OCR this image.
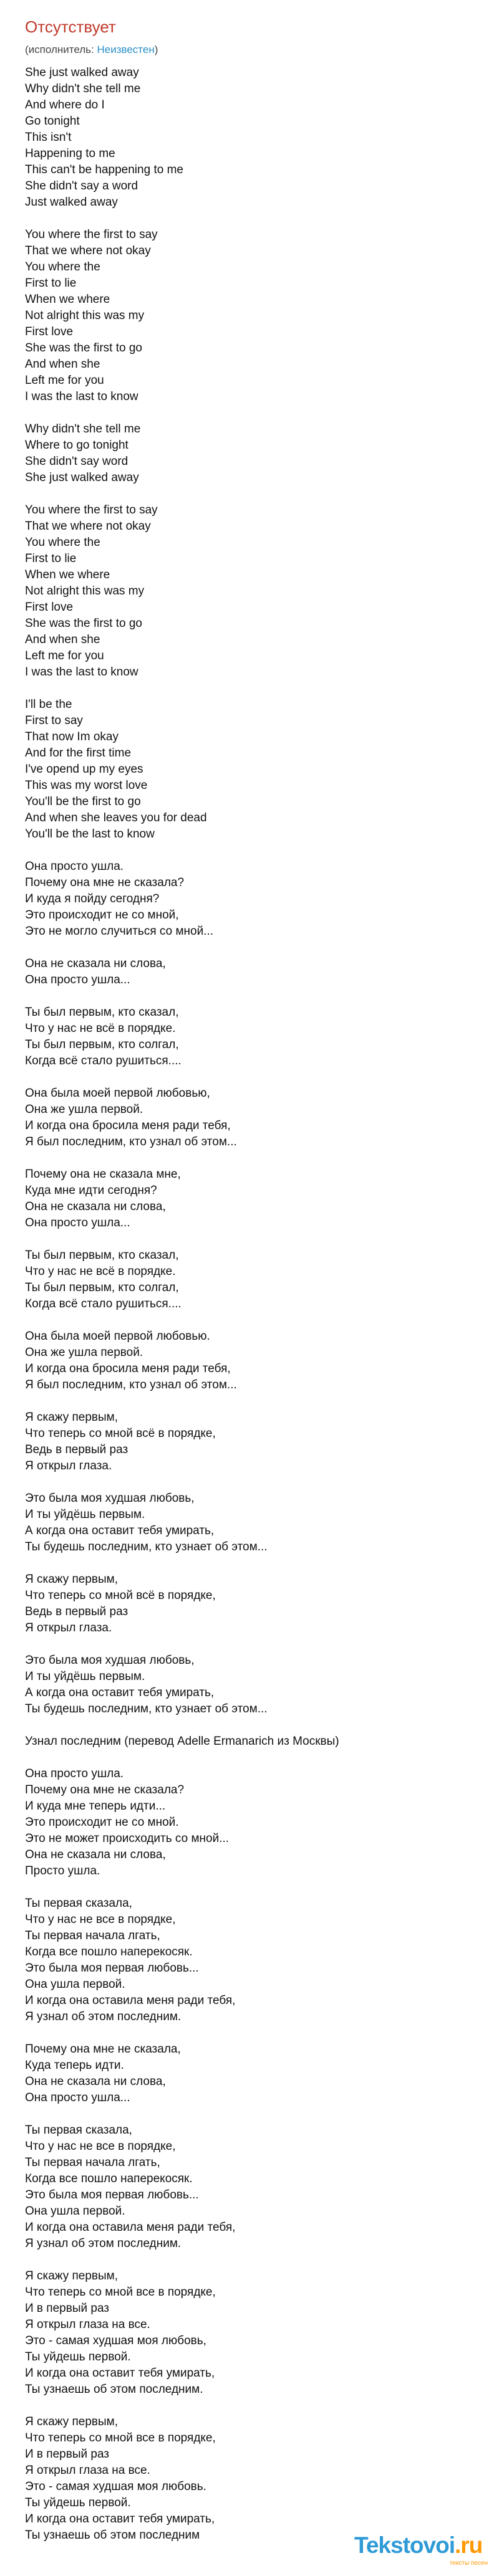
Отсутствует
(исполнитель: Неизвестен)
She just walked away
Why didn't she tell me
And where do I
Go tonight
This isn't
Happening to me
This can't be happening to me
She didn't say a word
Just walked away
You where the first to say
That we where not okay
You where the
First to lie
When we where
Not alright this was my
First love
She was the first to go
And when she
Left me for you
I was the last to know
Why didn't she tell me
Where to go tonight
She didn't say word
She just walked away
You where the first to say
That we where not okay
You where the
First to lie
When we where
Not alright this was my
First love
She was the first to go
And when she
Left me for you
I was the last to know
I'll be the
First to say
That now Im okay
And for the first time
I've opend up my eyes
This was my worst love
You'll be the first to go
And when she leaves you for dead
You'll be the last to know
Она просто ушла.
Почему она мне не сказала?
И куда я пойду сегодня?
Это происходит не со мной,
Это не могло случиться со мной...
Она не сказала ни слова,
Она просто ушла...
Ты был первым, кто сказал,
Что у нас не всё в порядке.
Ты был первым, кто солгал,
Когда всё стало рушиться....
Она была моей первой любовью,
Она же ушла первой.
И когда она бросила меня ради тебя,
Я был последним, кто узнал об этом...
Почему она не сказала мне,
Куда мне идти сегодня?
Она не сказала ни слова,
Она просто ушла...
Ты был первым, кто сказал,
Что у нас не всё в порядке.
Ты был первым, кто солгал,
Когда всё стало рушиться....
Она была моей первой любовью.
Она же ушла первой.
И когда она бросила меня ради тебя,
Я был последним, кто узнал об этом...
Я скажу первым,
Что теперь со мной всё в порядке,
Ведь в первый раз
Я открыл глаза.
Это была моя худшая любовь,
И ты уйдёшь первым.
А когда она оставит тебя умирать,
Ты будешь последним, кто узнает об этом...
Я скажу первым,
Что теперь со мной всё в порядке,
Ведь в первый раз
Я открыл глаза.
Это была моя худшая любовь,
И ты уйдёшь первым.
А когда она оставит тебя умирать,
Ты будешь последним, кто узнает об этом...
Узнал последним (перевод Adelle Ermanarich из Москвы)
Она просто ушла.
Почему она мне не сказала?
И куда мне теперь идти...
Это происходит не со мной.
Это не может происходить со мной...
Она не сказала ни слова,
Просто ушла.
Ты первая сказала,
Что у нас не все в порядке,
Ты первая начала лгать,
Когда все пошло наперекосяк.
Это была моя первая любовь...
Она ушла первой.
И когда она оставила меня ради тебя,
Я узнал об этом последним.
Почему она мне не сказала,
Куда теперь идти.
Она не сказала ни слова,
Она просто ушла...
Ты первая сказала,
Что у нас не все в порядке,
Ты первая начала лгать,
Когда все пошло наперекосяк.
Это была моя первая любовь...
Она ушла первой.
И когда она оставила меня ради тебя,
Я узнал об этом последним.
Я скажу первым,
Что теперь со мной все в порядке,
И в первый раз
Я открыл глаза на все.
Это - самая худшая моя любовь,
Ты уйдешь первой.
И когда она оставит тебя умирать,
Ты узнаешь об этом последним.
Я скажу первым,
Что теперь со мной все в порядке,
И в первый раз
Я открыл глаза на все.
Это - самая худшая моя любовь.
Ты уйдешь первой.
И когда она оставит тебя умирать,
Ты узнаешь об этом последним	Tekstovoi.ru
тексты песен
